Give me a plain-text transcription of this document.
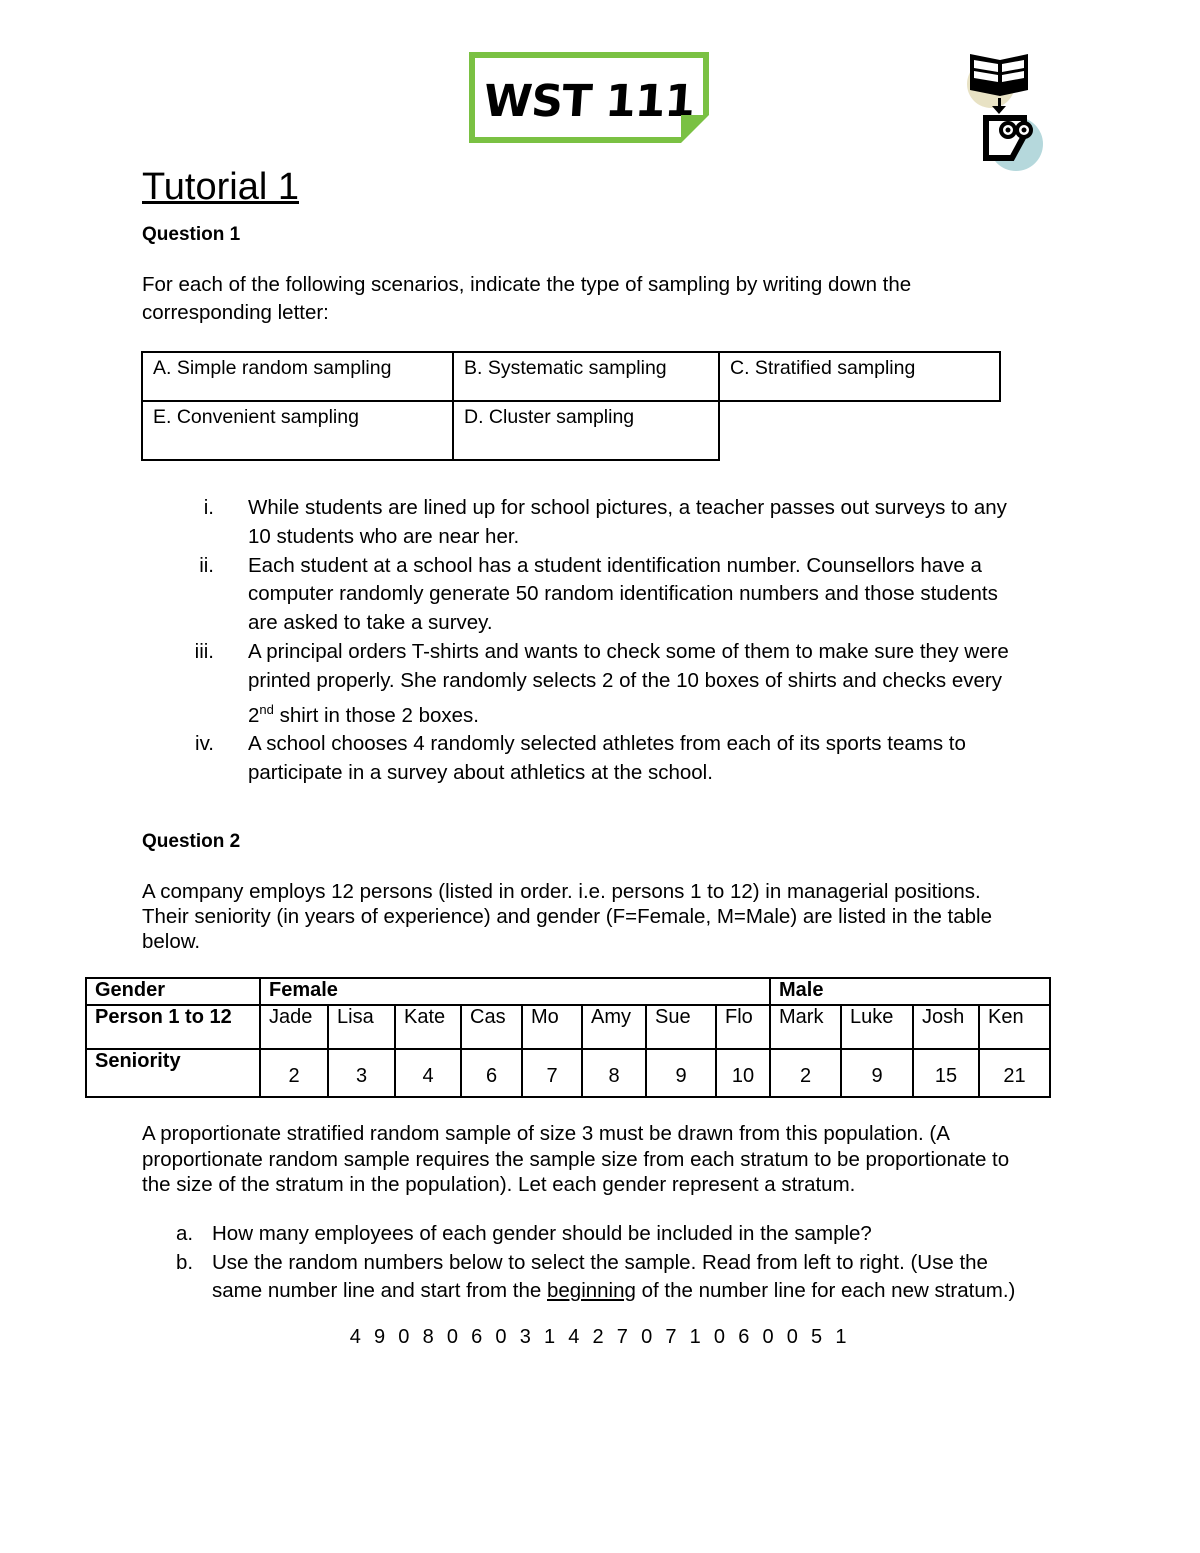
WST 111
Tutorial 1
Question 1
For each of the following scenarios, indicate the type of sampling by writing down the
corresponding letter:
A. Simple random sampling	B. Systematic sampling	C. Stratified sampling
E. Convenient sampling	D. Cluster sampling	
i. While students are lined up for school pictures, a teacher passes out surveys to any
10 students who are near her.
ii. Each student at a school has a student identification number. Counsellors have a
computer randomly generate 50 random identification numbers and those students
are asked to take a survey.
iii. A principal orders T-shirts and wants to check some of them to make sure they were
printed properly. She randomly selects 2 of the 10 boxes of shirts and checks every
2nd shirt in those 2 boxes.
iv. A school chooses 4 randomly selected athletes from each of its sports teams to
participate in a survey about athletics at the school.
Question 2
A company employs 12 persons (listed in order. i.e. persons 1 to 12) in managerial positions.
Their seniority (in years of experience) and gender (F=Female, M=Male) are listed in the table
below.
Gender	Female								Male			
Person 1 to 12	Jade	Lisa	Kate	Cas	Mo	Amy	Sue	Flo	Mark	Luke	Josh	Ken
Seniority	2	3	4	6	7	8	9	10	2	9	15	21
A proportionate stratified random sample of size 3 must be drawn from this population. (A
proportionate random sample requires the sample size from each stratum to be proportionate to
the size of the stratum in the population). Let each gender represent a stratum.
a. How many employees of each gender should be included in the sample?
b. Use the random numbers below to select the sample. Read from left to right. (Use the
same number line and start from the beginning of the number line for each new stratum.)
4 9 0 8 0 6 0 3 1 4 2 7 0 7 1 0 6 0 0 5 1
